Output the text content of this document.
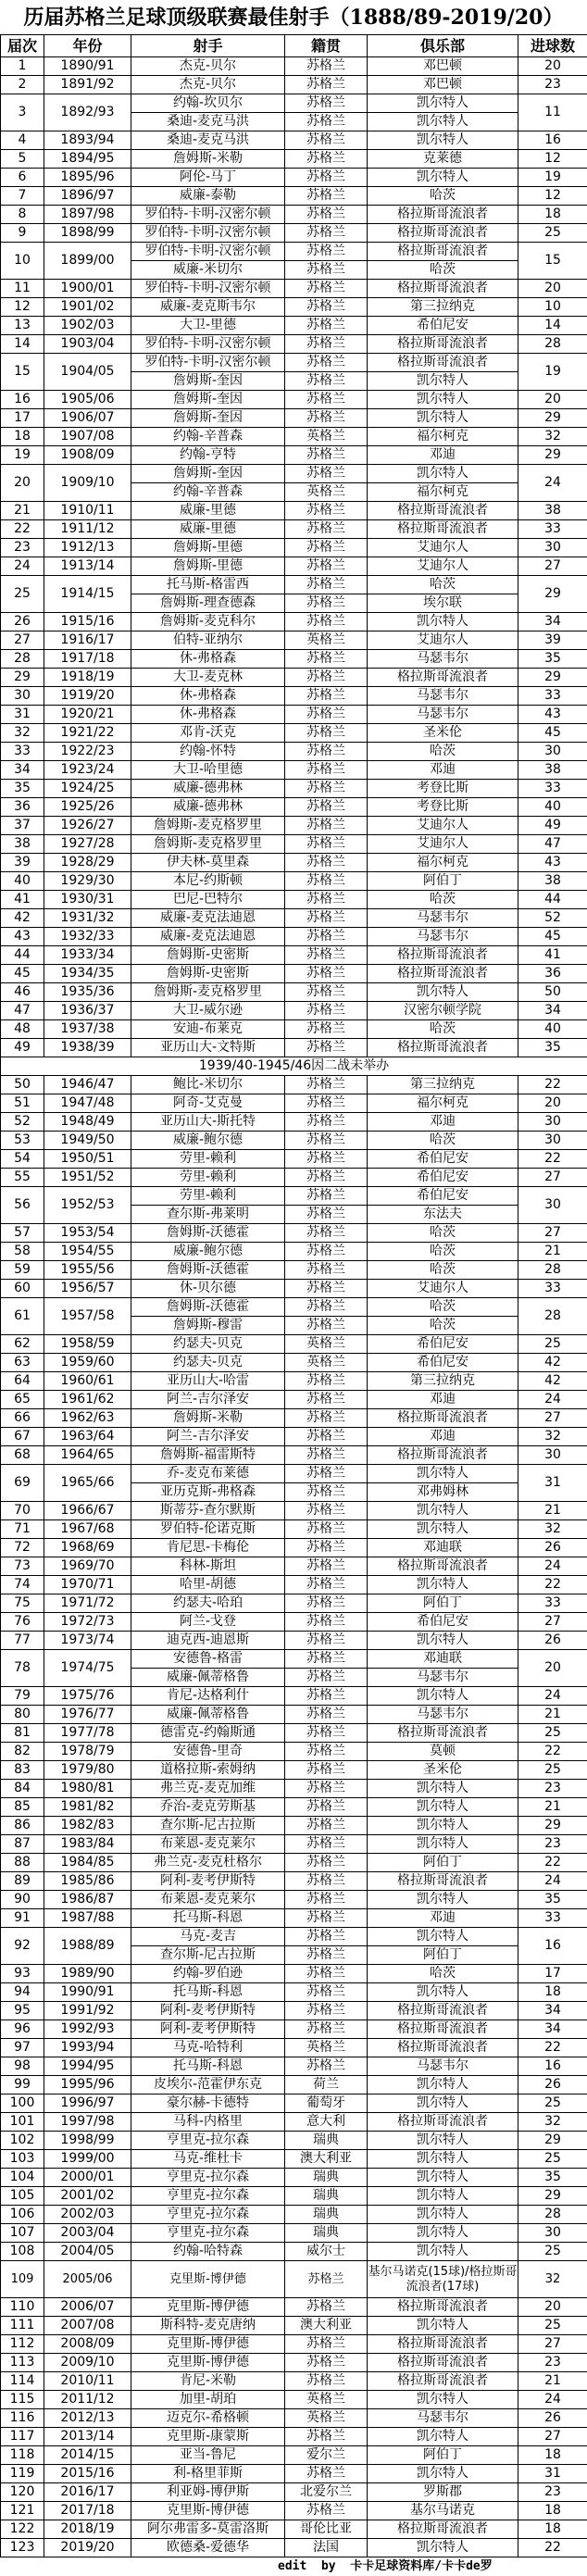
历届苏格兰足球顶级联赛最佳射手（1888/89-2019/20）
届次	年份	射手	籍贯	俱乐部	进球数
1	1890/91	杰克-贝尔	苏格兰	邓巴顿	20
2	1891/92	杰克-贝尔	苏格兰	邓巴顿	23
3	1892/93	约翰-坎贝尔	苏格兰	凯尔特人	11
		桑迪-麦克马洪	苏格兰	凯尔特人	
4	1893/94	桑迪-麦克马洪	苏格兰	凯尔特人	16
5	1894/95	詹姆斯-米勒	苏格兰	克莱德	12
6	1895/96	阿伦-马丁	苏格兰	凯尔特人	19
7	1896/97	威廉-泰勒	苏格兰	哈茨	12
8	1897/98	罗伯特-卡明-汉密尔顿	苏格兰	格拉斯哥流浪者	18
9	1898/99	罗伯特-卡明-汉密尔顿	苏格兰	格拉斯哥流浪者	25
10	1899/00	罗伯特-卡明-汉密尔顿	苏格兰	格拉斯哥流浪者	15
		威廉-米切尔	苏格兰	哈茨	
11	1900/01	罗伯特-卡明-汉密尔顿	苏格兰	格拉斯哥流浪者	20
12	1901/02	威廉-麦克斯韦尔	苏格兰	第三拉纳克	10
13	1902/03	大卫-里德	苏格兰	希伯尼安	14
14	1903/04	罗伯特-卡明-汉密尔顿	苏格兰	格拉斯哥流浪者	28
15	1904/05	罗伯特-卡明-汉密尔顿	苏格兰	格拉斯哥流浪者	19
		詹姆斯-奎因	苏格兰	凯尔特人	
16	1905/06	詹姆斯-奎因	苏格兰	凯尔特人	20
17	1906/07	詹姆斯-奎因	苏格兰	凯尔特人	29
18	1907/08	约翰-辛普森	英格兰	福尔柯克	32
19	1908/09	约翰-亨特	苏格兰	邓迪	29
20	1909/10	詹姆斯-奎因	苏格兰	凯尔特人	24
		约翰-辛普森	英格兰	福尔柯克	
21	1910/11	威廉-里德	苏格兰	格拉斯哥流浪者	38
22	1911/12	威廉-里德	苏格兰	格拉斯哥流浪者	33
23	1912/13	詹姆斯-里德	苏格兰	艾迪尔人	30
24	1913/14	詹姆斯-里德	苏格兰	艾迪尔人	27
25	1914/15	托马斯-格雷西	苏格兰	哈茨	29
		詹姆斯-理查德森	苏格兰	埃尔联	
26	1915/16	詹姆斯-麦克科尔	苏格兰	凯尔特人	34
27	1916/17	伯特-亚纳尔	英格兰	艾迪尔人	39
28	1917/18	休-弗格森	苏格兰	马瑟韦尔	35
29	1918/19	大卫-麦克林	苏格兰	格拉斯哥流浪者	29
30	1919/20	休-弗格森	苏格兰	马瑟韦尔	33
31	1920/21	休-弗格森	苏格兰	马瑟韦尔	43
32	1921/22	邓肯-沃克	苏格兰	圣米伦	45
33	1922/23	约翰-怀特	苏格兰	哈茨	30
34	1923/24	大卫-哈里德	苏格兰	邓迪	38
35	1924/25	威廉-德弗林	苏格兰	考登比斯	33
36	1925/26	威廉-德弗林	苏格兰	考登比斯	40
37	1926/27	詹姆斯-麦克格罗里	苏格兰	艾迪尔人	49
38	1927/28	詹姆斯-麦克格罗里	苏格兰	艾迪尔人	47
39	1928/29	伊夫林-莫里森	苏格兰	福尔柯克	43
40	1929/30	本尼-约斯顿	苏格兰	阿伯丁	38
41	1930/31	巴尼-巴特尔	苏格兰	哈茨	44
42	1931/32	威廉-麦克法迪恩	苏格兰	马瑟韦尔	52
43	1932/33	威廉-麦克法迪恩	苏格兰	马瑟韦尔	45
44	1933/34	詹姆斯-史密斯	苏格兰	格拉斯哥流浪者	41
45	1934/35	詹姆斯-史密斯	苏格兰	格拉斯哥流浪者	36
46	1935/36	詹姆斯-麦克格罗里	苏格兰	凯尔特人	50
47	1936/37	大卫-威尔逊	苏格兰	汉密尔顿学院	34
48	1937/38	安迪-布莱克	苏格兰	哈茨	40
49	1938/39	亚历山大-文特斯	苏格兰	格拉斯哥流浪者	35
1939/40-1945/46因二战未举办					
50	1946/47	鲍比-米切尔	苏格兰	第三拉纳克	22
51	1947/48	阿奇-艾克曼	苏格兰	福尔柯克	20
52	1948/49	亚历山大-斯托特	苏格兰	邓迪	30
53	1949/50	威廉-鲍尔德	苏格兰	哈茨	30
54	1950/51	劳里-赖利	苏格兰	希伯尼安	22
55	1951/52	劳里-赖利	苏格兰	希伯尼安	27
56	1952/53	劳里-赖利	苏格兰	希伯尼安	30
		查尔斯-弗莱明	苏格兰	东法夫	
57	1953/54	詹姆斯-沃德霍	苏格兰	哈茨	27
58	1954/55	威廉-鲍尔德	苏格兰	哈茨	21
59	1955/56	詹姆斯-沃德霍	苏格兰	哈茨	28
60	1956/57	休-贝尔德	苏格兰	艾迪尔人	33
61	1957/58	詹姆斯-沃德霍	苏格兰	哈茨	28
		詹姆斯-穆雷	苏格兰	哈茨	
62	1958/59	约瑟夫-贝克	英格兰	希伯尼安	25
63	1959/60	约瑟夫-贝克	英格兰	希伯尼安	42
64	1960/61	亚历山大-哈雷	苏格兰	第三拉纳克	42
65	1961/62	阿兰-吉尔泽安	苏格兰	邓迪	24
66	1962/63	詹姆斯-米勒	苏格兰	格拉斯哥流浪者	27
67	1963/64	阿兰-吉尔泽安	苏格兰	邓迪	32
68	1964/65	詹姆斯-福雷斯特	苏格兰	格拉斯哥流浪者	30
69	1965/66	乔-麦克布莱德	苏格兰	凯尔特人	31
		亚历克斯-弗格森	苏格兰	邓弗姆林	
70	1966/67	斯蒂芬-查尔默斯	苏格兰	凯尔特人	21
71	1967/68	罗伯特-伦诺克斯	苏格兰	凯尔特人	32
72	1968/69	肯尼思-卡梅伦	苏格兰	邓迪联	26
73	1969/70	科林-斯坦	苏格兰	格拉斯哥流浪者	24
74	1970/71	哈里-胡德	苏格兰	凯尔特人	22
75	1971/72	约瑟夫-哈珀	苏格兰	阿伯丁	33
76	1972/73	阿兰-戈登	苏格兰	希伯尼安	27
77	1973/74	迪克西-迪恩斯	苏格兰	凯尔特人	26
78	1974/75	安德鲁-格雷	苏格兰	邓迪联	20
		威廉-佩蒂格鲁	苏格兰	马瑟韦尔	
79	1975/76	肯尼-达格利什	苏格兰	凯尔特人	24
80	1976/77	威廉-佩蒂格鲁	苏格兰	马瑟韦尔	21
81	1977/78	德雷克-约翰斯通	苏格兰	格拉斯哥流浪者	25
82	1978/79	安德鲁-里奇	苏格兰	莫顿	22
83	1979/80	道格拉斯-索姆纳	苏格兰	圣米伦	25
84	1980/81	弗兰克-麦克加维	苏格兰	凯尔特人	23
85	1981/82	乔治-麦克劳斯基	苏格兰	凯尔特人	21
86	1982/83	查尔斯-尼古拉斯	苏格兰	凯尔特人	29
87	1983/84	布莱恩-麦克莱尔	苏格兰	凯尔特人	23
88	1984/85	弗兰克-麦克杜格尔	苏格兰	阿伯丁	22
89	1985/86	阿利-麦考伊斯特	苏格兰	格拉斯哥流浪者	24
90	1986/87	布莱恩-麦克莱尔	苏格兰	凯尔特人	35
91	1987/88	托马斯-科恩	苏格兰	邓迪	33
92	1988/89	马克-麦吉	苏格兰	凯尔特人	16
		查尔斯-尼古拉斯	苏格兰	阿伯丁	
93	1989/90	约翰-罗伯逊	苏格兰	哈茨	17
94	1990/91	托马斯-科恩	苏格兰	凯尔特人	18
95	1991/92	阿利-麦考伊斯特	苏格兰	格拉斯哥流浪者	34
96	1992/93	阿利-麦考伊斯特	苏格兰	格拉斯哥流浪者	34
97	1993/94	马克-哈特利	英格兰	格拉斯哥流浪者	22
98	1994/95	托马斯-科恩	苏格兰	马瑟韦尔	16
99	1995/96	皮埃尔-范霍伊东克	荷兰	凯尔特人	26
100	1996/97	豪尔赫-卡德特	葡萄牙	凯尔特人	25
101	1997/98	马科-内格里	意大利	格拉斯哥流浪者	32
102	1998/99	亨里克-拉尔森	瑞典	凯尔特人	29
103	1999/00	马克-维杜卡	澳大利亚	凯尔特人	25
104	2000/01	亨里克-拉尔森	瑞典	凯尔特人	35
105	2001/02	亨里克-拉尔森	瑞典	凯尔特人	29
106	2002/03	亨里克-拉尔森	瑞典	凯尔特人	28
107	2003/04	亨里克-拉尔森	瑞典	凯尔特人	30
108	2004/05	约翰-哈特森	威尔士	凯尔特人	25
109	2005/06	克里斯-博伊德	苏格兰	基尔马诺克(15球)/格拉斯哥流浪者(17球)	32
110	2006/07	克里斯-博伊德	苏格兰	格拉斯哥流浪者	20
111	2007/08	斯科特-麦克唐纳	澳大利亚	凯尔特人	25
112	2008/09	克里斯-博伊德	苏格兰	格拉斯哥流浪者	27
113	2009/10	克里斯-博伊德	苏格兰	格拉斯哥流浪者	23
114	2010/11	肯尼-米勒	苏格兰	格拉斯哥流浪者	21
115	2011/12	加里-胡珀	英格兰	凯尔特人	24
116	2012/13	迈克尔-希格顿	英格兰	马瑟韦尔	26
117	2013/14	克里斯-康蒙斯	苏格兰	凯尔特人	27
118	2014/15	亚当-鲁尼	爱尔兰	阿伯丁	18
119	2015/16	利-格里菲斯	苏格兰	凯尔特人	31
120	2016/17	利亚姆-博伊斯	北爱尔兰	罗斯郡	23
121	2017/18	克里斯-博伊德	苏格兰	基尔马诺克	18
122	2018/19	阿尔弗雷多-莫雷洛斯	哥伦比亚	格拉斯哥流浪者	18
123	2019/20	欧德桑-爱德华	法国	凯尔特人	22
edit  by  卡卡足球资料库/卡卡de罗
